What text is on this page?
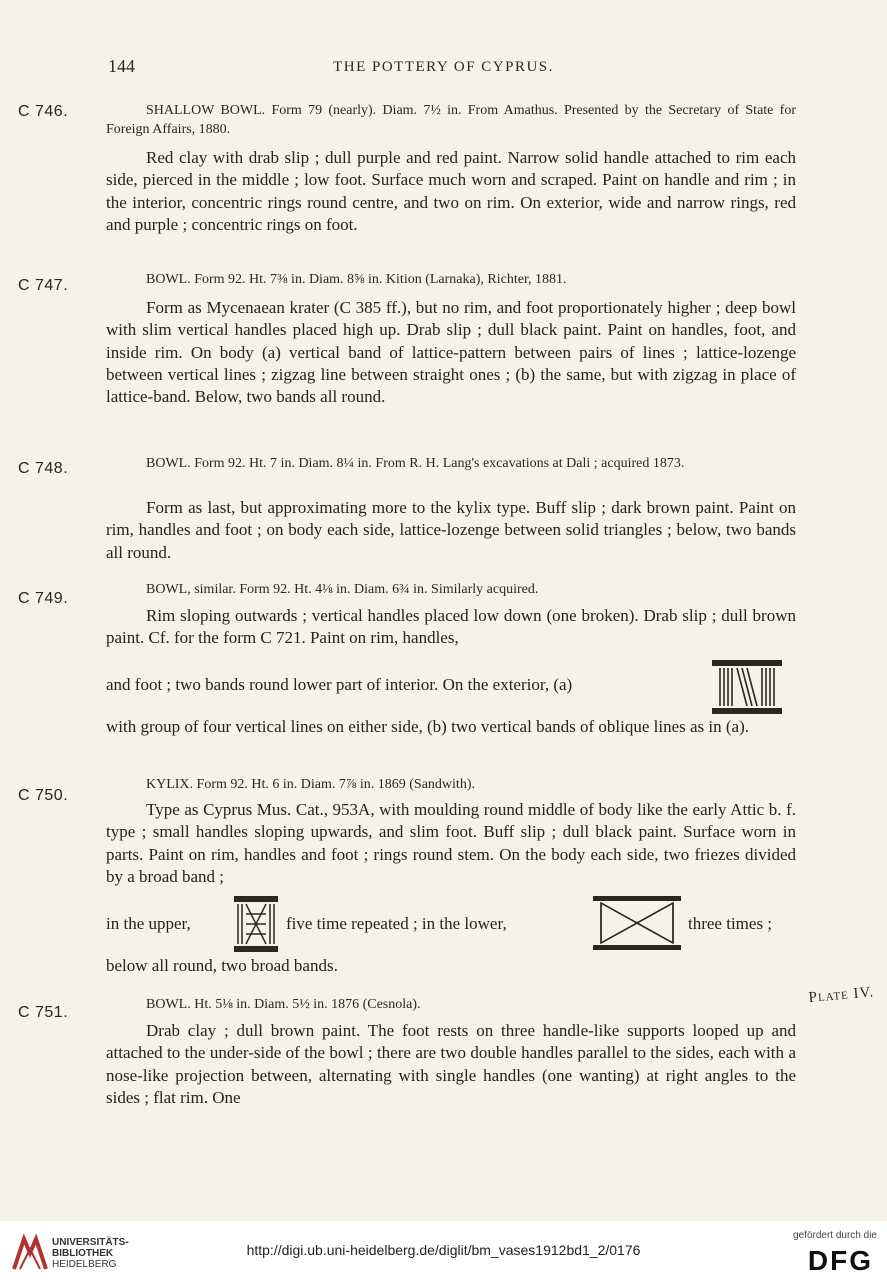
144	THE POTTERY OF CYPRUS.
C 746.	SHALLOW BOWL. Form 79 (nearly). Diam. 7½ in. From Amathus. Presented by the Secretary of State for Foreign Affairs, 1880.
Red clay with drab slip ; dull purple and red paint. Narrow solid handle attached to rim each side, pierced in the middle ; low foot. Surface much worn and scraped. Paint on handle and rim ; in the interior, concentric rings round centre, and two on rim. On exterior, wide and narrow rings, red and purple ; concentric rings on foot.
C 747.	BOWL. Form 92. Ht. 7⅜ in. Diam. 8⅝ in. Kition (Larnaka), Richter, 1881.
Form as Mycenaean krater (C 385 ff.), but no rim, and foot proportionately higher ; deep bowl with slim vertical handles placed high up. Drab slip ; dull black paint. Paint on handles, foot, and inside rim. On body (a) vertical band of lattice-pattern between pairs of lines ; lattice-lozenge between vertical lines ; zigzag line between straight ones ; (b) the same, but with zigzag in place of lattice-band. Below, two bands all round.
C 748.	BOWL. Form 92. Ht. 7 in. Diam. 8¼ in. From R. H. Lang's excavations at Dali ; acquired 1873.
Form as last, but approximating more to the kylix type. Buff slip ; dark brown paint. Paint on rim, handles and foot ; on body each side, lattice-lozenge between solid triangles ; below, two bands all round.
C 749.
BOWL, similar. Form 92. Ht. 4⅛ in. Diam. 6¾ in. Similarly acquired.
Rim sloping outwards ; vertical handles placed low down (one broken). Drab slip ; dull brown paint. Cf. for the form C 721. Paint on rim, handles,
and foot ; two bands round lower part of interior. On the exterior, (a)
with group of four vertical lines on either side, (b) two vertical bands of oblique lines as in (a).
C 750.
KYLIX. Form 92. Ht. 6 in. Diam. 7⅞ in. 1869 (Sandwith).
Type as Cyprus Mus. Cat., 953A, with moulding round middle of body like the early Attic b. f. type ; small handles sloping upwards, and slim foot. Buff slip ; dull black paint. Surface worn in parts. Paint on rim, handles and foot ; rings round stem. On the body each side, two friezes divided by a broad band ;
in the upper,	five time repeated ; in the lower,	three times ;
below all round, two broad bands.
C 751.	BOWL. Ht. 5⅛ in. Diam. 5½ in. 1876 (Cesnola).
Drab clay ; dull brown paint. The foot rests on three handle-like supports looped up and attached to the under-side of the bowl ; there are two double handles parallel to the sides, each with a nose-like projection between, alternating with single handles (one wanting) at right angles to the sides ; flat rim. One
Plate IV.
UNIVERSITÄTS-
BIBLIOTHEK
HEIDELBERG
http://digi.ub.uni-heidelberg.de/diglit/bm_vases1912bd1_2/0176
gefördert durch die
DFG
